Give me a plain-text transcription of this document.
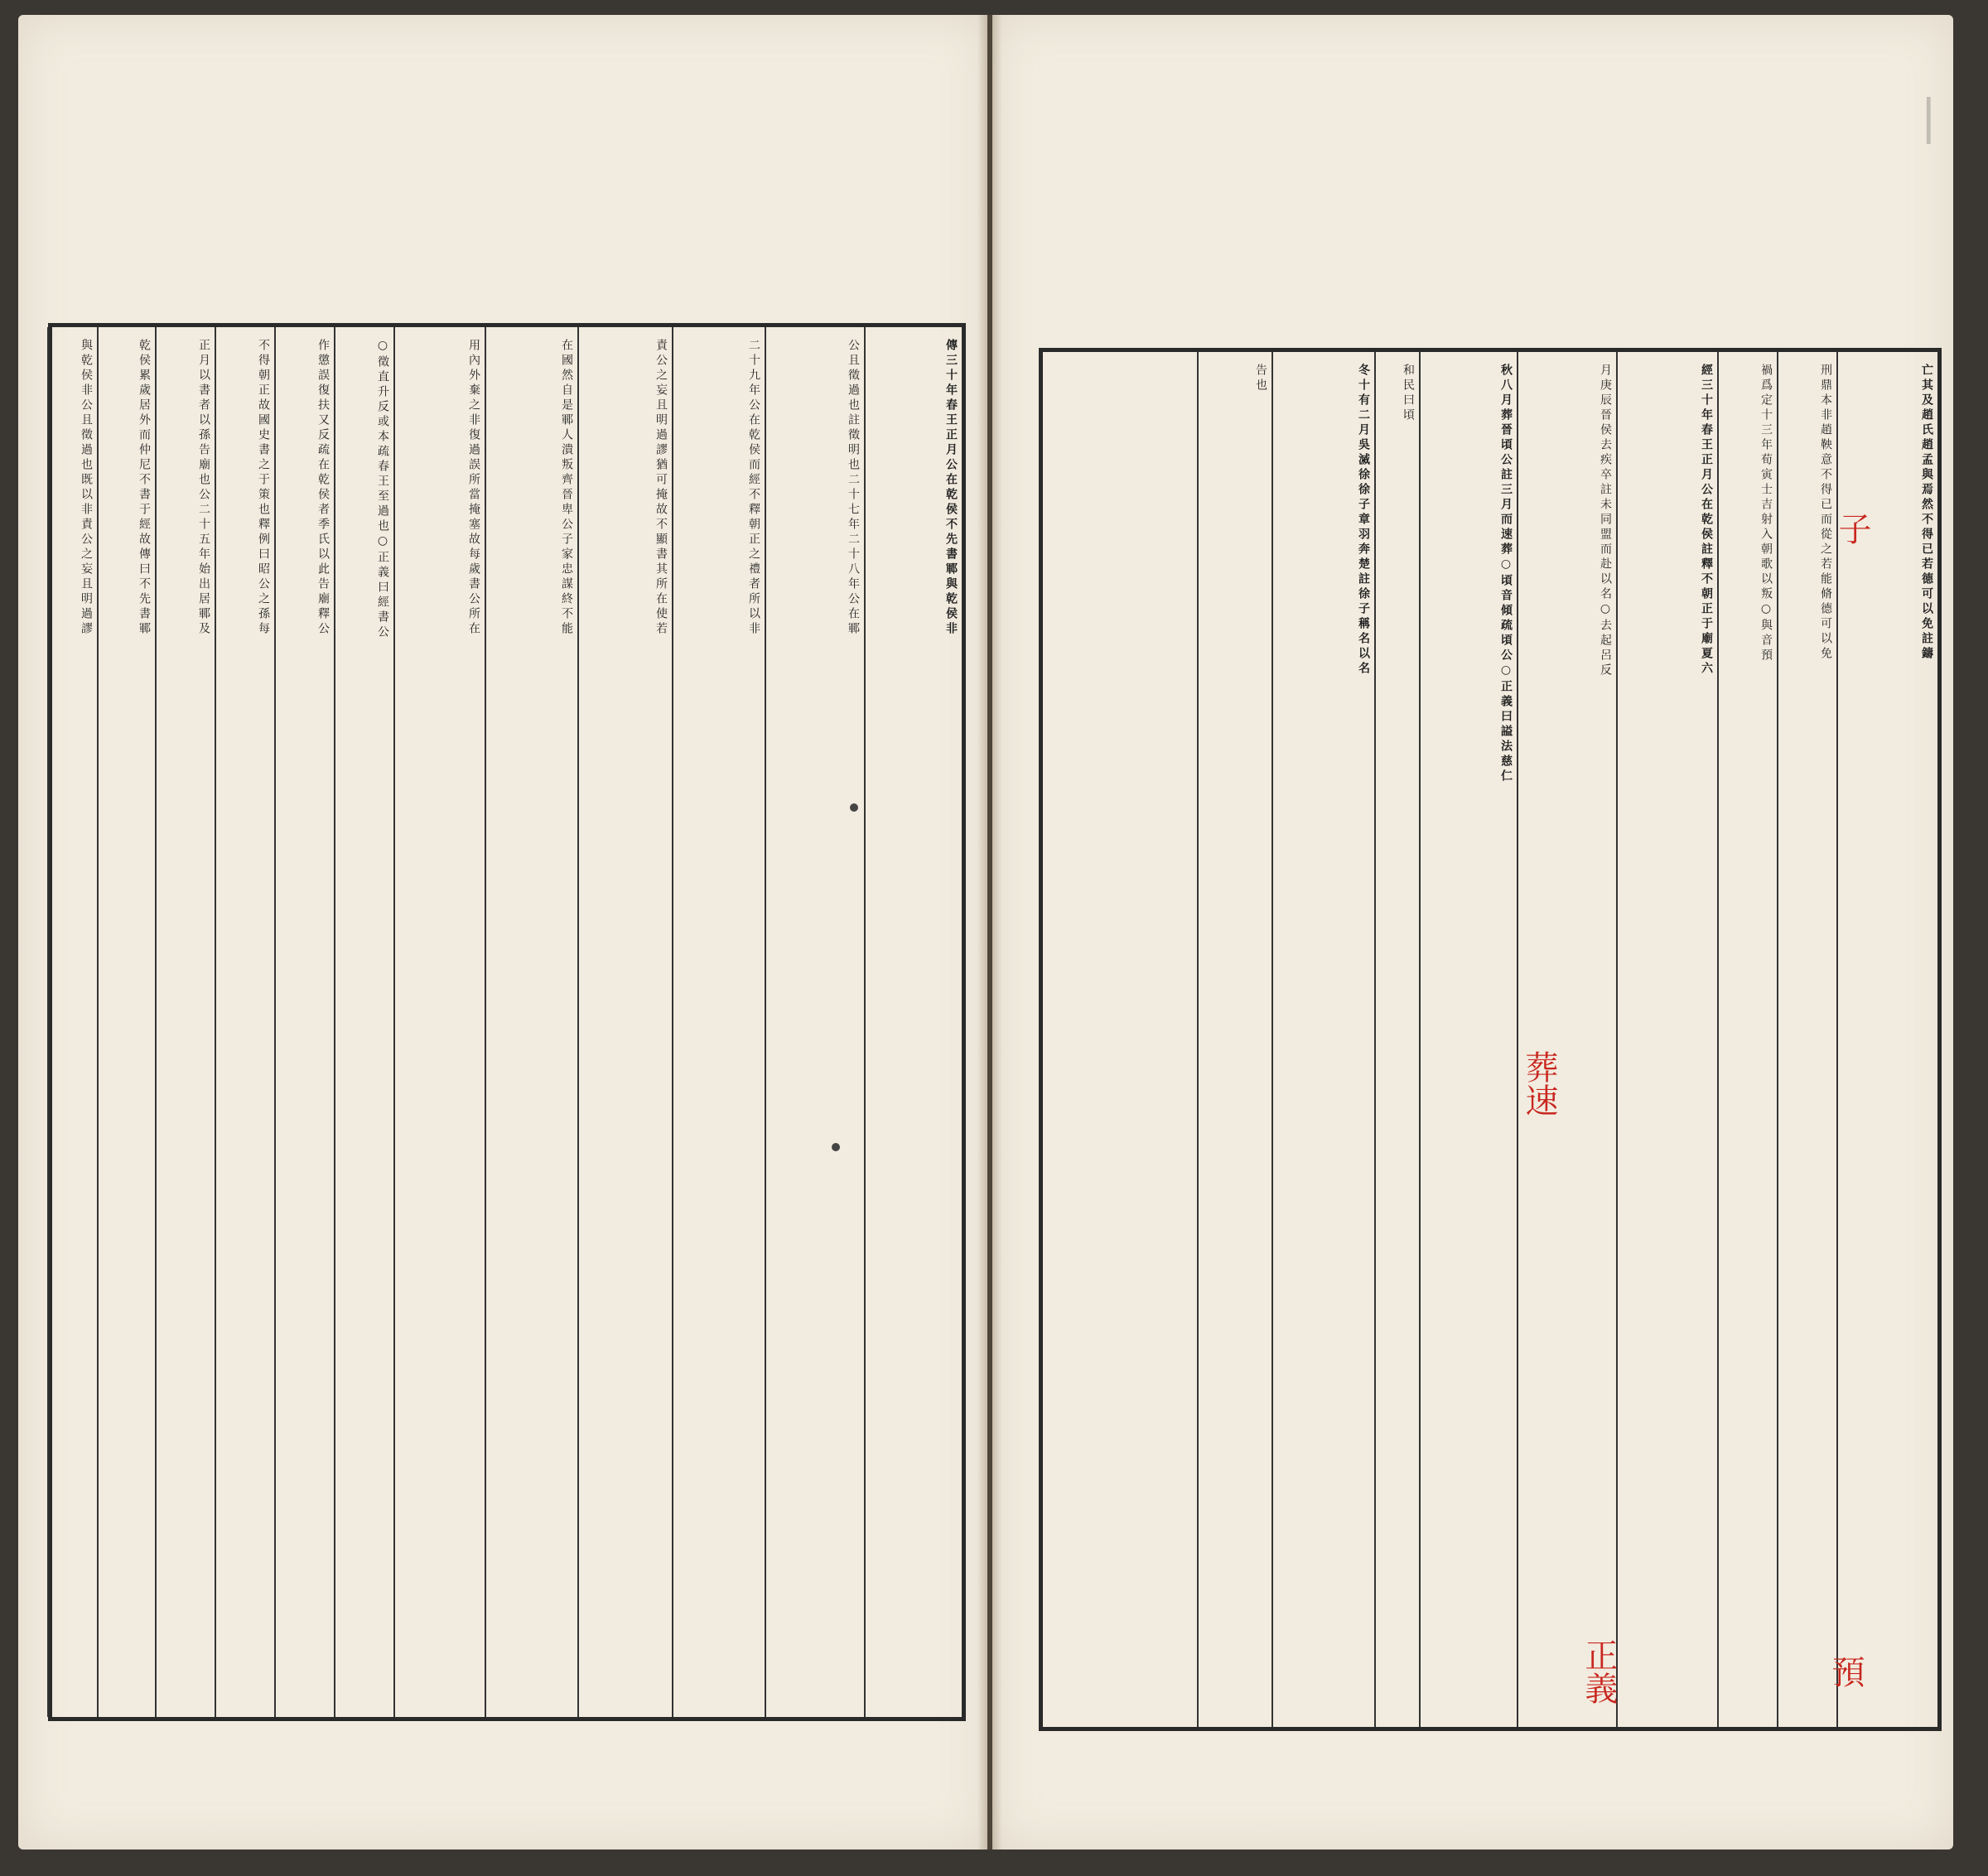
傳三十年春王正月公在乾侯不先書鄆與乾侯非
公且徵過也註徵明也二十七年二十八年公在鄆
二十九年公在乾侯而經不釋朝正之禮者所以非
責公之妄且明過謬猶可掩故不顯書其所在使若
在國然自是鄆人潰叛齊晉卑公子家忠謀終不能
用內外棄之非復過誤所當掩塞故每歲書公所在
○徵直升反或本疏春王至過也○正義曰經書公
作懲誤復扶又反疏在乾侯者季氏以此告廟釋公
不得朝正故國史書之于策也釋例曰昭公之孫每
正月以書者以孫告廟也公二十五年始出居鄆及
乾侯累歲居外而仲尼不書于經故傳曰不先書鄆
與乾侯非公且徵過也既以非責公之妄且明過謬	亡其及趙氏趙孟與焉然不得已若德可以免註鑄
刑鼎本非趙鞅意不得已而從之若能脩德可以免
禍爲定十三年荀寅士吉射入朝歌以叛○與音預
經三十年春王正月公在乾侯註釋不朝正于廟夏六
月庚辰晉侯去疾卒註未同盟而赴以名○去起呂反
秋八月葬晉頃公註三月而速葬○頃音傾疏頃公○正義曰謚法慈仁
和民曰頃
冬十有二月吳滅徐徐子章羽奔楚註徐子稱名以名
告也
▏
子
預
正義
葬速
